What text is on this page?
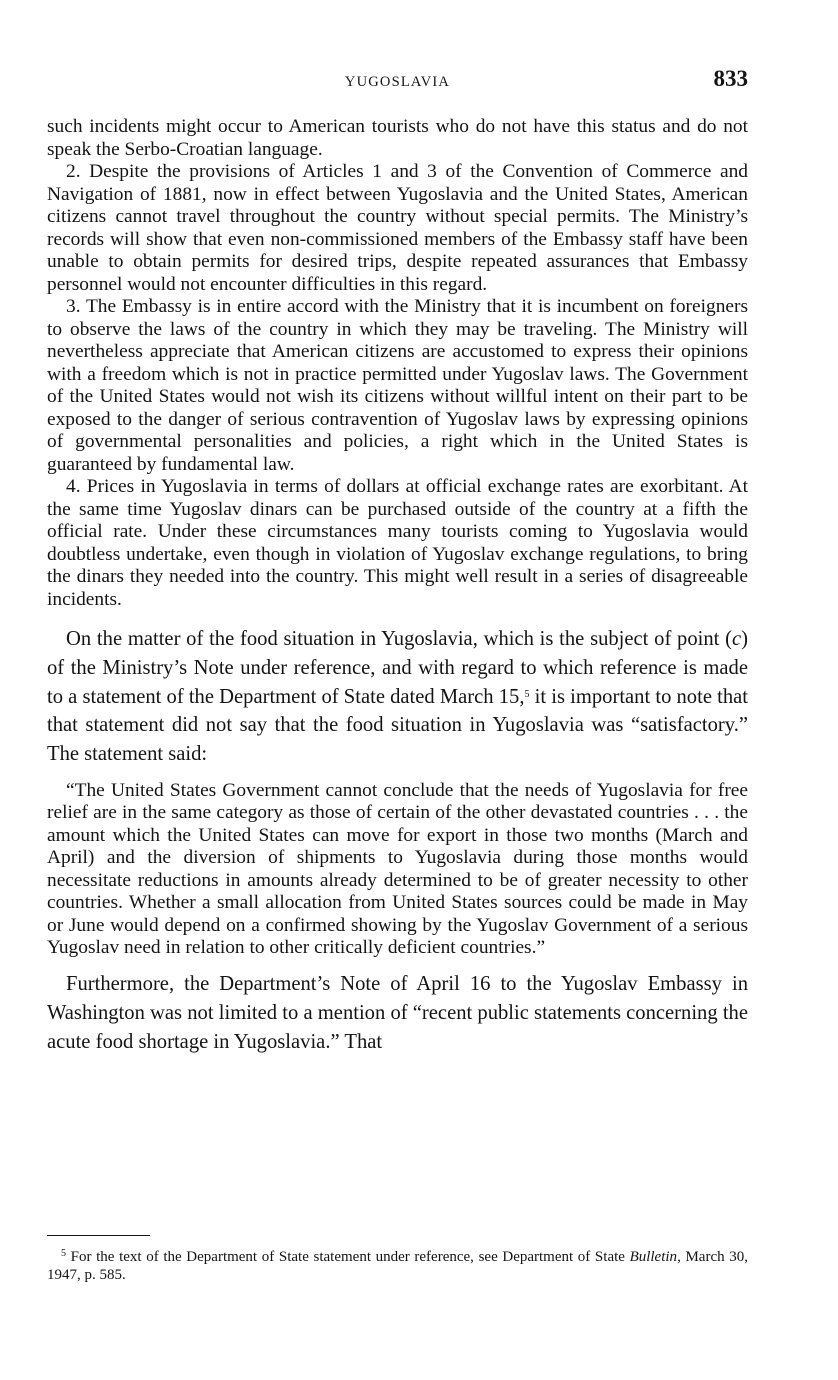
YUGOSLAVIA	833

such incidents might occur to American tourists who do not have this status and do not speak the Serbo-Croatian language.

2. Despite the provisions of Articles 1 and 3 of the Convention of Commerce and Navigation of 1881, now in effect between Yugoslavia and the United States, American citizens cannot travel throughout the country without special permits. The Ministry’s records will show that even non-commissioned members of the Embassy staff have been unable to obtain permits for desired trips, despite repeated assurances that Embassy personnel would not encounter difficulties in this regard.

3. The Embassy is in entire accord with the Ministry that it is incumbent on foreigners to observe the laws of the country in which they may be traveling. The Ministry will nevertheless appreciate that American citizens are accustomed to express their opinions with a freedom which is not in practice permitted under Yugoslav laws. The Government of the United States would not wish its citizens without willful intent on their part to be exposed to the danger of serious contravention of Yugoslav laws by expressing opinions of governmental personalities and policies, a right which in the United States is guaranteed by fundamental law.

4. Prices in Yugoslavia in terms of dollars at official exchange rates are exorbitant. At the same time Yugoslav dinars can be purchased outside of the country at a fifth the official rate. Under these circumstances many tourists coming to Yugoslavia would doubtless undertake, even though in violation of Yugoslav exchange regulations, to bring the dinars they needed into the country. This might well result in a series of disagreeable incidents.

On the matter of the food situation in Yugoslavia, which is the subject of point (c) of the Ministry’s Note under reference, and with regard to which reference is made to a statement of the Department of State dated March 15,$^5$ it is important to note that that statement did not say that the food situation in Yugoslavia was “satisfactory.” The statement said:

“The United States Government cannot conclude that the needs of Yugoslavia for free relief are in the same category as those of certain of the other devastated countries . . . the amount which the United States can move for export in those two months (March and April) and the diversion of shipments to Yugoslavia during those months would necessitate reductions in amounts already determined to be of greater necessity to other countries. Whether a small allocation from United States sources could be made in May or June would depend on a confirmed showing by the Yugoslav Government of a serious Yugoslav need in relation to other critically deficient countries.”

Furthermore, the Department’s Note of April 16 to the Yugoslav Embassy in Washington was not limited to a mention of “recent public statements concerning the acute food shortage in Yugoslavia.” That

$^5$ For the text of the Department of State statement under reference, see Department of State Bulletin, March 30, 1947, p. 585.
